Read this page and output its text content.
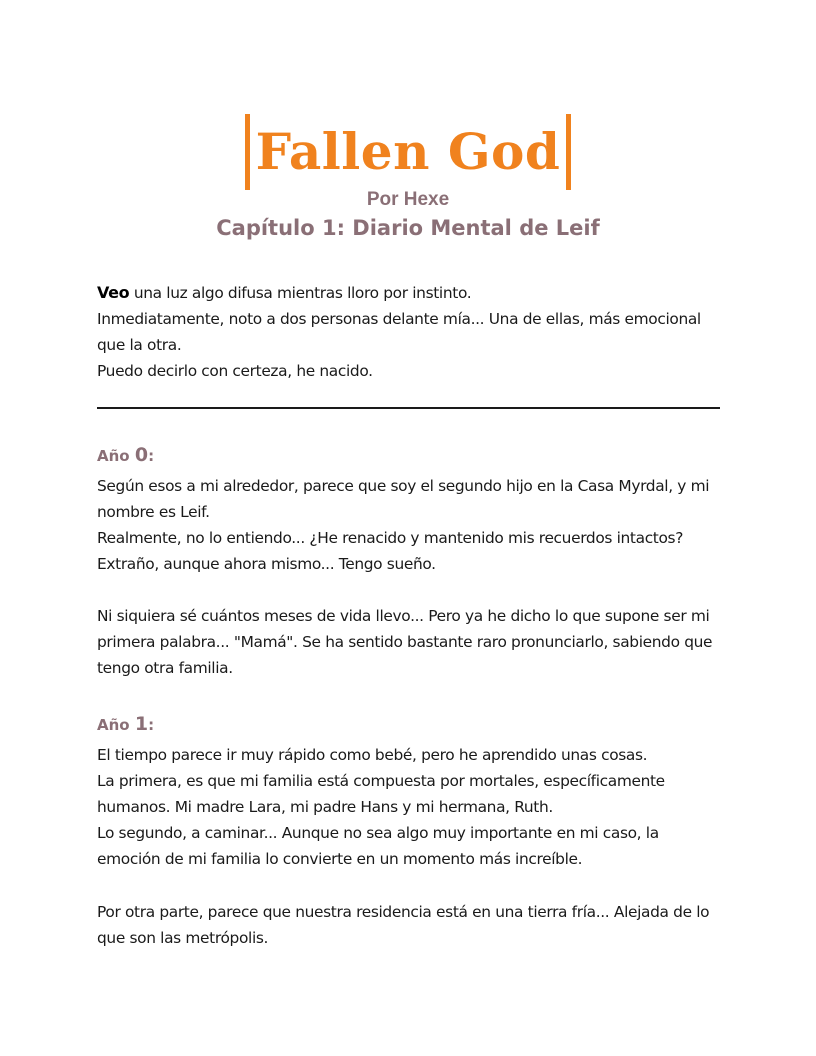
Fallen God
Por Hexe
Capítulo 1: Diario Mental de Leif

Veo una luz algo difusa mientras lloro por instinto.

Inmediatamente, noto a dos personas delante mía... Una de ellas, más emocional que la otra.

Puedo decirlo con certeza, he nacido.

Año 0:

Según esos a mi alrededor, parece que soy el segundo hijo en la Casa Myrdal, y mi nombre es Leif.

Realmente, no lo entiendo... ¿He renacido y mantenido mis recuerdos intactos?

Extraño, aunque ahora mismo... Tengo sueño.

Ni siquiera sé cuántos meses de vida llevo... Pero ya he dicho lo que supone ser mi primera palabra... "Mamá". Se ha sentido bastante raro pronunciarlo, sabiendo que tengo otra familia.

Año 1:

El tiempo parece ir muy rápido como bebé, pero he aprendido unas cosas.

La primera, es que mi familia está compuesta por mortales, específicamente humanos. Mi madre Lara, mi padre Hans y mi hermana, Ruth.

Lo segundo, a caminar... Aunque no sea algo muy importante en mi caso, la emoción de mi familia lo convierte en un momento más increíble.

Por otra parte, parece que nuestra residencia está en una tierra fría... Alejada de lo que son las metrópolis.
